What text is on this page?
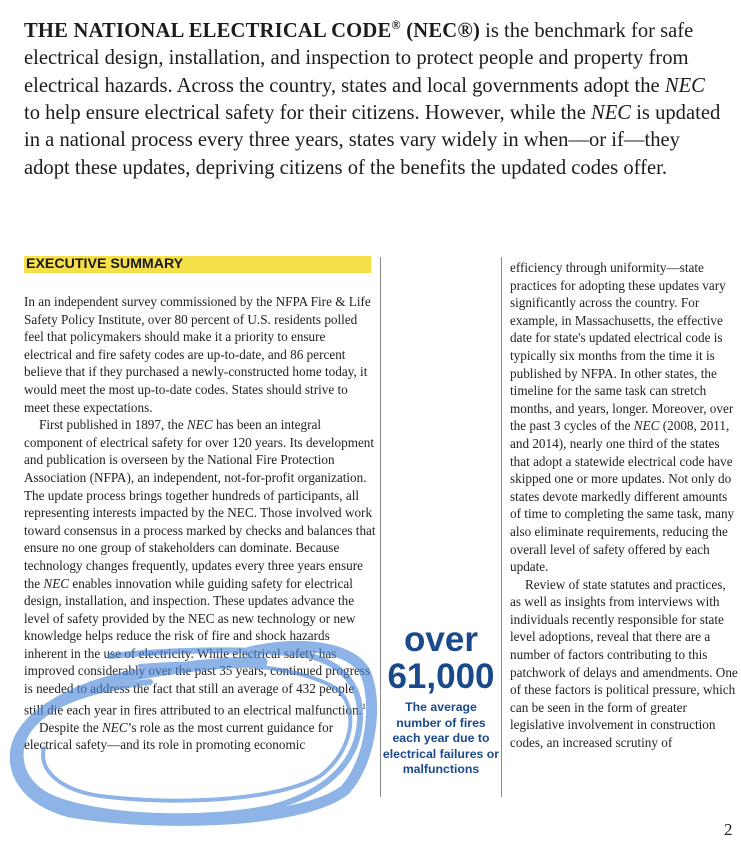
THE NATIONAL ELECTRICAL CODE® (NEC®) is the benchmark for safe electrical design, installation, and inspection to protect people and property from electrical hazards. Across the country, states and local governments adopt the NEC to help ensure electrical safety for their citizens. However, while the NEC is updated in a national process every three years, states vary widely in when—or if—they adopt these updates, depriving citizens of the benefits the updated codes offer.

EXECUTIVE SUMMARY

In an independent survey commissioned by the NFPA Fire & Life Safety Policy Institute, over 80 percent of U.S. residents polled feel that policymakers should make it a priority to ensure electrical and fire safety codes are up-to-date, and 86 percent believe that if they purchased a newly-constructed home today, it would meet the most up-to-date codes. States should strive to meet these expectations.

First published in 1897, the NEC has been an integral component of electrical safety for over 120 years. Its development and publication is overseen by the National Fire Protection Association (NFPA), an independent, not-for-profit organization. The update process brings together hundreds of participants, all representing interests impacted by the NEC. Those involved work toward consensus in a process marked by checks and balances that ensure no one group of stakeholders can dominate. Because technology changes frequently, updates every three years ensure the NEC enables innovation while guiding safety for electrical design, installation, and inspection. These updates advance the level of safety provided by the NEC as new technology or new knowledge helps reduce the risk of fire and shock hazards inherent in the use of electricity. While electrical safety has improved considerably over the past 35 years, continued progress is needed to address the fact that still an average of 432 people still die each year in fires attributed to an electrical malfunction.$^1$

Despite the NEC’s role as the most current guidance for electrical safety—and its role in promoting economic

over
61,000
The average number of fires each year due to electrical failures or malfunctions

efficiency through uniformity—state practices for adopting these updates vary significantly across the country. For example, in Massachusetts, the effective date for state's updated electrical code is typically six months from the time it is published by NFPA. In other states, the timeline for the same task can stretch months, and years, longer. Moreover, over the past 3 cycles of the NEC (2008, 2011, and 2014), nearly one third of the states that adopt a statewide electrical code have skipped one or more updates. Not only do states devote markedly different amounts of time to completing the same task, many also eliminate requirements, reducing the overall level of safety offered by each update.

Review of state statutes and practices, as well as insights from interviews with individuals recently responsible for state level adoptions, reveal that there are a number of factors contributing to this patchwork of delays and amendments. One of these factors is political pressure, which can be seen in the form of greater legislative involvement in construction codes, an increased scrutiny of

2
